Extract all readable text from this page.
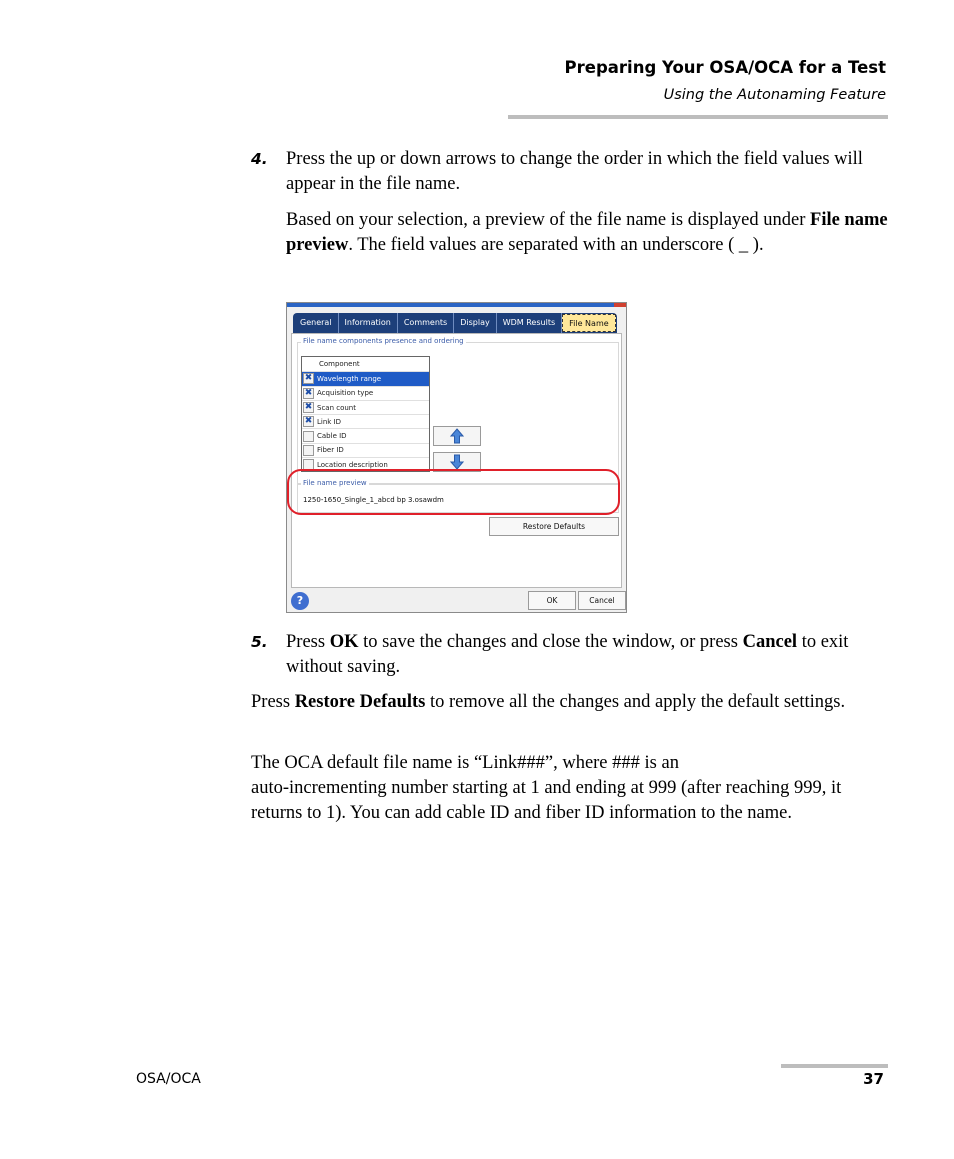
Preparing Your OSA/OCA for a Test
Using the Autonaming Feature
4. Press the up or down arrows to change the order in which the field values will appear in the file name.
Based on your selection, a preview of the file name is displayed under File name preview. The field values are separated with an underscore ( _ ).
General	Information	Comments	Display	WDM Results	File Name
File name components presence and ordering
Component
✖ Wavelength range
✖ Acquisition type
✖ Scan count
✖ Link ID
Cable ID
Fiber ID
Location description
File name preview
1250-1650_Single_1_abcd bp 3.osawdm
Restore Defaults
?	OK	Cancel
5. Press OK to save the changes and close the window, or press Cancel to exit without saving.
Press Restore Defaults to remove all the changes and apply the default settings.
The OCA default file name is “Link###”, where ### is an
auto-incrementing number starting at 1 and ending at 999 (after reaching 999, it returns to 1). You can add cable ID and fiber ID information to the name.
OSA/OCA	37
